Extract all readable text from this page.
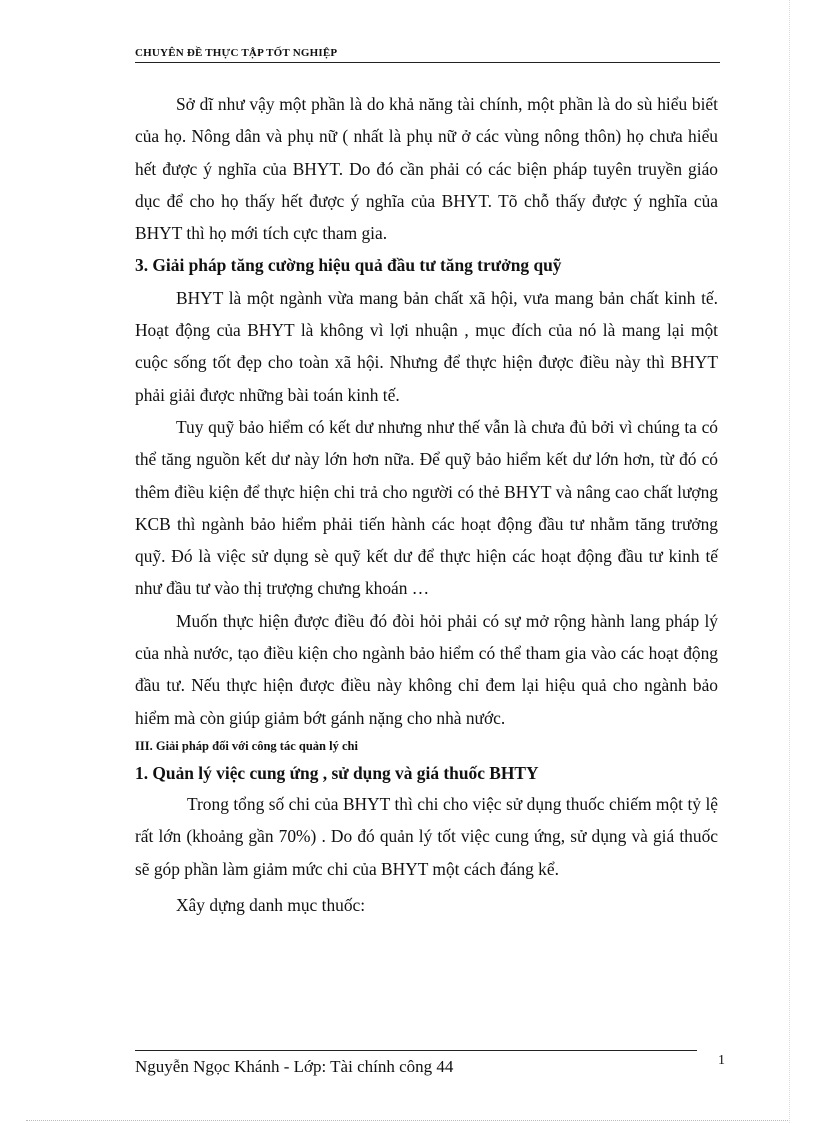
CHUYÊN ĐỀ THỰC TẬP TỐT NGHIỆP

Sở dĩ như vậy một phần là do khả năng tài chính, một phần là do sù hiểu biết của họ. Nông dân và phụ nữ ( nhất là phụ nữ ở các vùng nông thôn) họ chưa hiểu hết được ý nghĩa của BHYT. Do đó cần phải có các biện pháp tuyên truyền giáo dục để cho họ thấy hết được ý nghĩa của BHYT. Tõ chỗ thấy được ý nghĩa của BHYT thì họ mới tích cực tham gia.

3. Giải pháp tăng cường hiệu quả đầu tư tăng trưởng quỹ

BHYT là một ngành vừa mang bản chất xã hội, vưa mang bản chất kinh tế. Hoạt động của BHYT là không vì lợi nhuận , mục đích của nó là mang lại một cuộc sống tốt đẹp cho toàn xã hội. Nhưng để thực hiện được điều này thì BHYT phải giải được những bài toán kinh tế.

Tuy quỹ bảo hiểm có kết dư nhưng như thế vẫn là chưa đủ bởi vì chúng ta có thể tăng nguồn kết dư này lớn hơn nữa. Để quỹ bảo hiểm kết dư lớn hơn, từ đó có thêm điều kiện để thực hiện chi trả cho người có thẻ BHYT và nâng cao chất lượng KCB thì ngành bảo hiểm phải tiến hành các hoạt động đầu tư nhằm tăng trưởng quỹ. Đó là việc sử dụng sè quỹ kết dư để thực hiện các hoạt động đầu tư kinh tế như đầu tư vào thị trượng chưng khoán …

Muốn thực hiện được điều đó đòi hỏi phải có sự mở rộng hành lang pháp lý của nhà nước, tạo điều kiện cho ngành bảo hiểm có thể tham gia vào các hoạt động đầu tư. Nếu thực hiện được điều này không chỉ đem lại hiệu quả cho ngành bảo hiểm mà còn giúp giảm bớt gánh nặng cho nhà nước.

III. Giải pháp đối với công tác quản lý chi

1. Quản lý việc cung ứng , sử dụng và giá thuốc BHTY

Trong tổng số chi của BHYT thì chi cho việc sử dụng thuốc chiếm một tỷ lệ rất lớn (khoảng gần 70%) . Do đó quản lý tốt việc cung ứng, sử dụng và giá thuốc sẽ góp phần làm giảm mức chi của BHYT một cách đáng kể.

Xây dựng danh mục thuốc:

Nguyễn Ngọc Khánh - Lớp: Tài chính công 44	1
